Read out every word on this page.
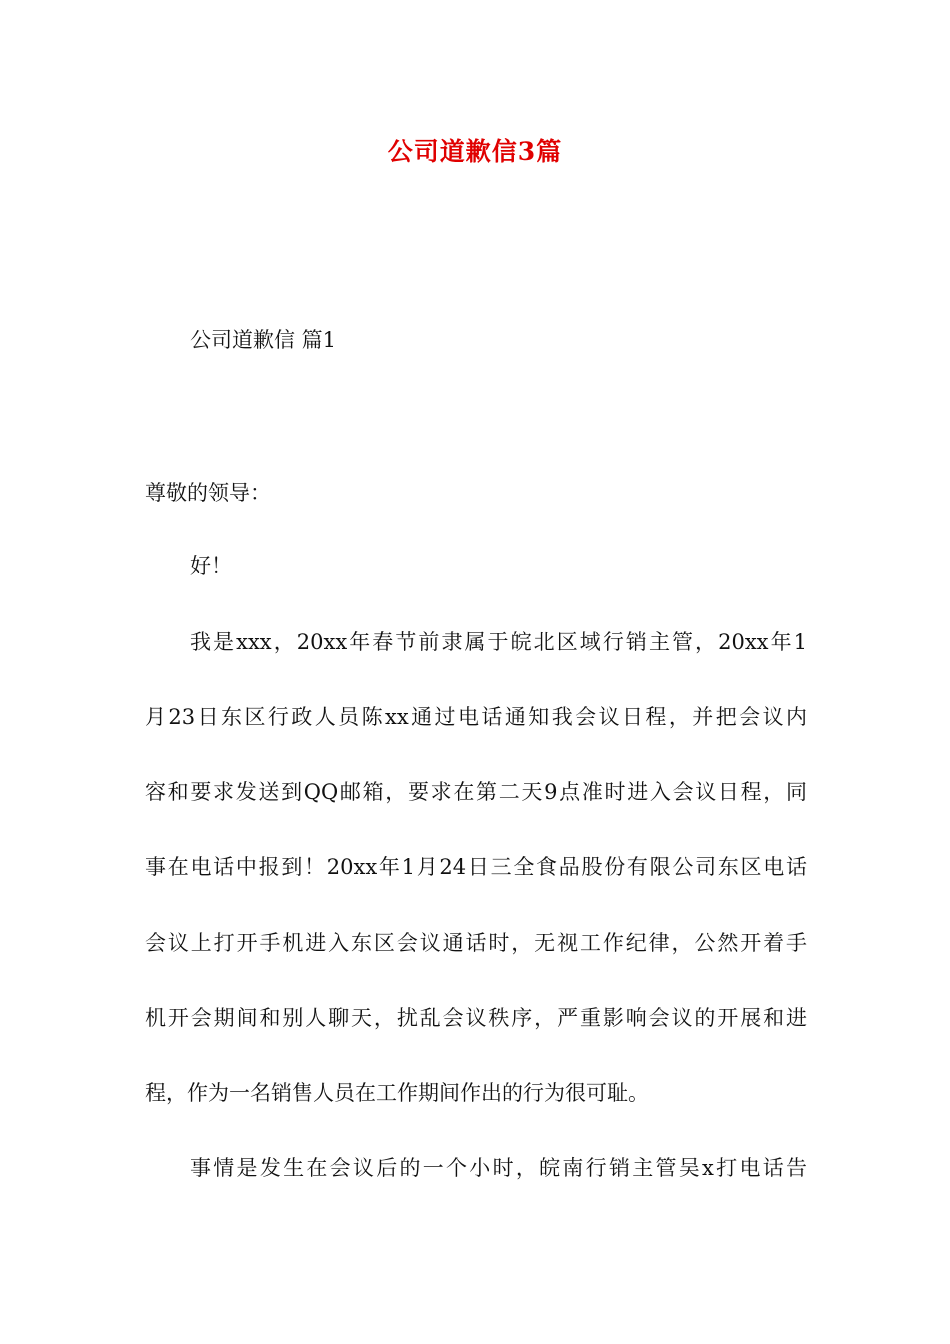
公司道歉信3篇
公司道歉信 篇1
尊敬的领导：
好！
我是xxx，20xx年春节前隶属于皖北区域行销主管，20xx年1
月23日东区行政人员陈xx通过电话通知我会议日程，并把会议内
容和要求发送到QQ邮箱，要求在第二天9点准时进入会议日程，同
事在电话中报到！20xx年1月24日三全食品股份有限公司东区电话
会议上打开手机进入东区会议通话时，无视工作纪律，公然开着手
机开会期间和别人聊天，扰乱会议秩序，严重影响会议的开展和进
程，作为一名销售人员在工作期间作出的行为很可耻。
事情是发生在会议后的一个小时，皖南行销主管吴x打电话告
